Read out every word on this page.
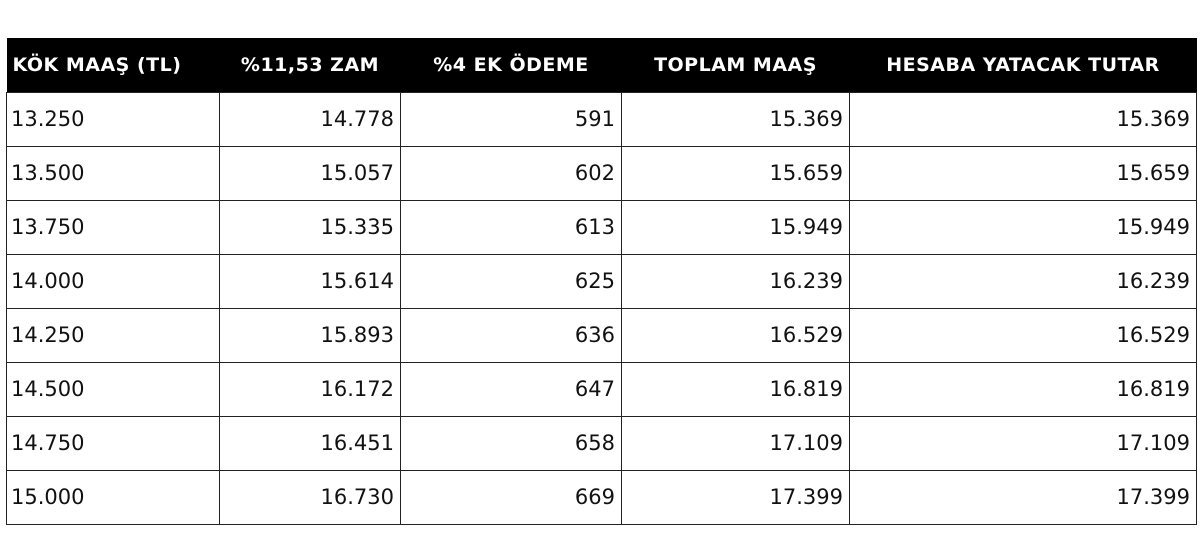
KÖK MAAŞ (TL)	%11,53 ZAM	%4 EK ÖDEME	TOPLAM MAAŞ	HESABA YATACAK TUTAR
13.250	14.778	591	15.369	15.369
13.500	15.057	602	15.659	15.659
13.750	15.335	613	15.949	15.949
14.000	15.614	625	16.239	16.239
14.250	15.893	636	16.529	16.529
14.500	16.172	647	16.819	16.819
14.750	16.451	658	17.109	17.109
15.000	16.730	669	17.399	17.399
